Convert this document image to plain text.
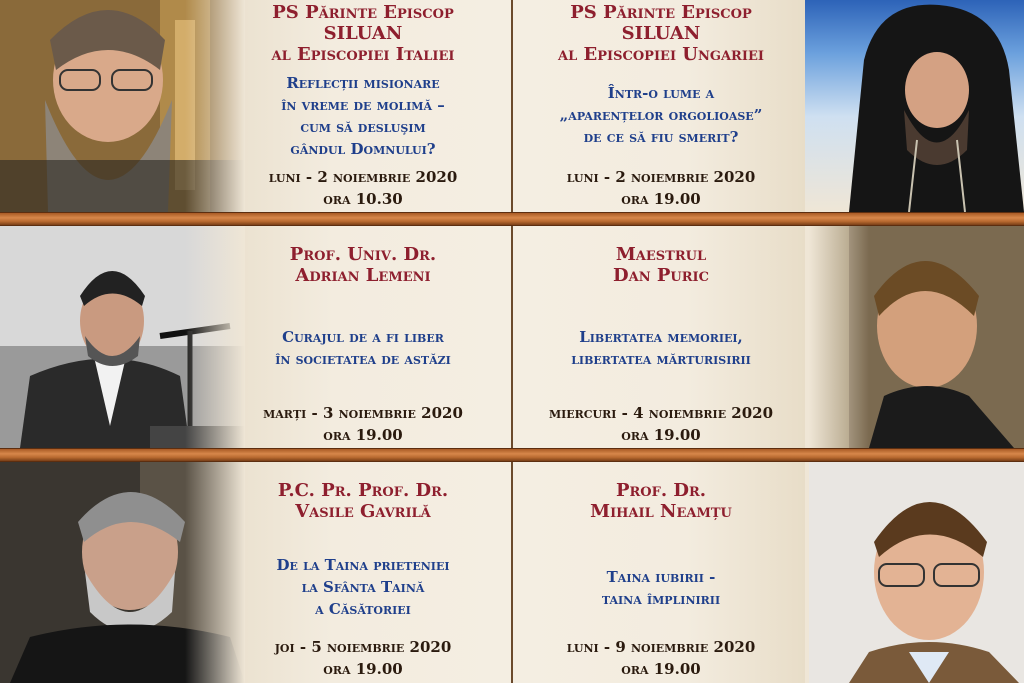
PS Părinte Episcop
SILUAN
al Episcopiei Italiei
Reflecții misionare
în vreme de molimă –
cum să desluşim
gândul Domnului?
luni - 2 noiembrie 2020
ora 10.30
PS Părinte Episcop
SILUAN
al Episcopiei Ungariei
Într-o lume a
„aparențelor orgolioase”
de ce să fiu smerit?
luni - 2 noiembrie 2020
ora 19.00
Prof. Univ. Dr.
Adrian Lemeni
Curajul de a fi liber
în societatea de astăzi
marți - 3 noiembrie 2020
ora 19.00
Maestrul
Dan Puric
Libertatea memoriei,
libertatea mărturisirii
miercuri - 4 noiembrie 2020
ora 19.00
P.C. Pr. Prof. Dr.
Vasile Gavrilă
De la Taina prieteniei
la Sfânta Taină
a Căsătoriei
joi - 5 noiembrie 2020
ora 19.00
Prof. Dr.
Mihail Neamțu
Taina iubirii -
taina împlinirii
luni - 9 noiembrie 2020
ora 19.00
